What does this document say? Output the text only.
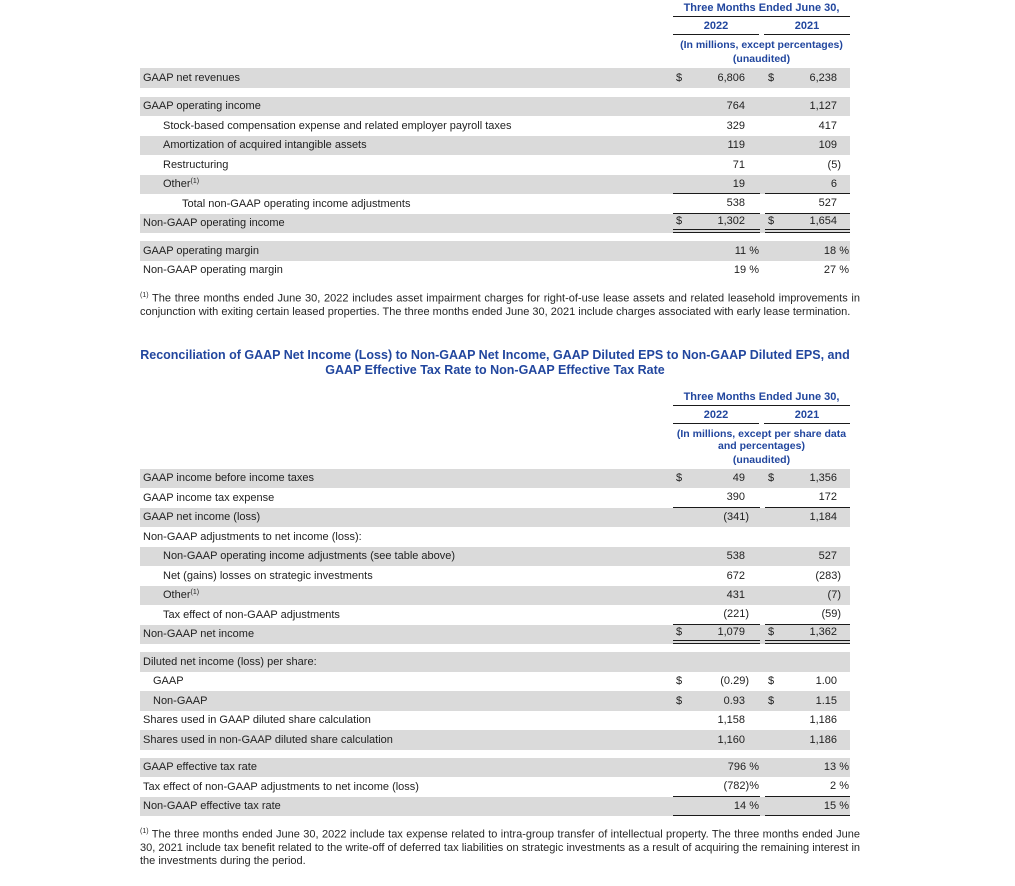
Three Months Ended June 30,
2022	2021
(In millions, except percentages)
(unaudited)
GAAP net revenues	$	6,806	$	6,238
GAAP operating income	764	1,127
Stock-based compensation expense and related employer payroll taxes	329	417
Amortization of acquired intangible assets	119	109
Restructuring	71	(5)
Other$^{(1)}$	19	6
Total non-GAAP operating income adjustments	538	527
Non-GAAP operating income	$	1,302	$	1,654
GAAP operating margin	11 %	18 %
Non-GAAP operating margin	19 %	27 %
$^{(1)}$ The three months ended June 30, 2022 includes asset impairment charges for right-of-use lease assets and related leasehold improvements in conjunction with exiting certain leased properties. The three months ended June 30, 2021 include charges associated with early lease termination.
Reconciliation of GAAP Net Income (Loss) to Non-GAAP Net Income, GAAP Diluted EPS to Non-GAAP Diluted EPS, and
GAAP Effective Tax Rate to Non-GAAP Effective Tax Rate
Three Months Ended June 30,
2022	2021
(In millions, except per share data
and percentages)
(unaudited)
GAAP income before income taxes	$	49	$	1,356
GAAP income tax expense	390	172
GAAP net income (loss)	(341)	1,184
Non-GAAP adjustments to net income (loss):
Non-GAAP operating income adjustments (see table above)	538	527
Net (gains) losses on strategic investments	672	(283)
Other$^{(1)}$	431	(7)
Tax effect of non-GAAP adjustments	(221)	(59)
Non-GAAP net income	$	1,079	$	1,362
Diluted net income (loss) per share:
GAAP	$	(0.29)	$	1.00
Non-GAAP	$	0.93	$	1.15
Shares used in GAAP diluted share calculation	1,158	1,186
Shares used in non-GAAP diluted share calculation	1,160	1,186
GAAP effective tax rate	796 %	13 %
Tax effect of non-GAAP adjustments to net income (loss)	(782)%	2 %
Non-GAAP effective tax rate	14 %	15 %
$^{(1)}$ The three months ended June 30, 2022 include tax expense related to intra-group transfer of intellectual property. The three months ended June 30, 2021 include tax benefit related to the write-off of deferred tax liabilities on strategic investments as a result of acquiring the remaining interest in the investments during the period.
